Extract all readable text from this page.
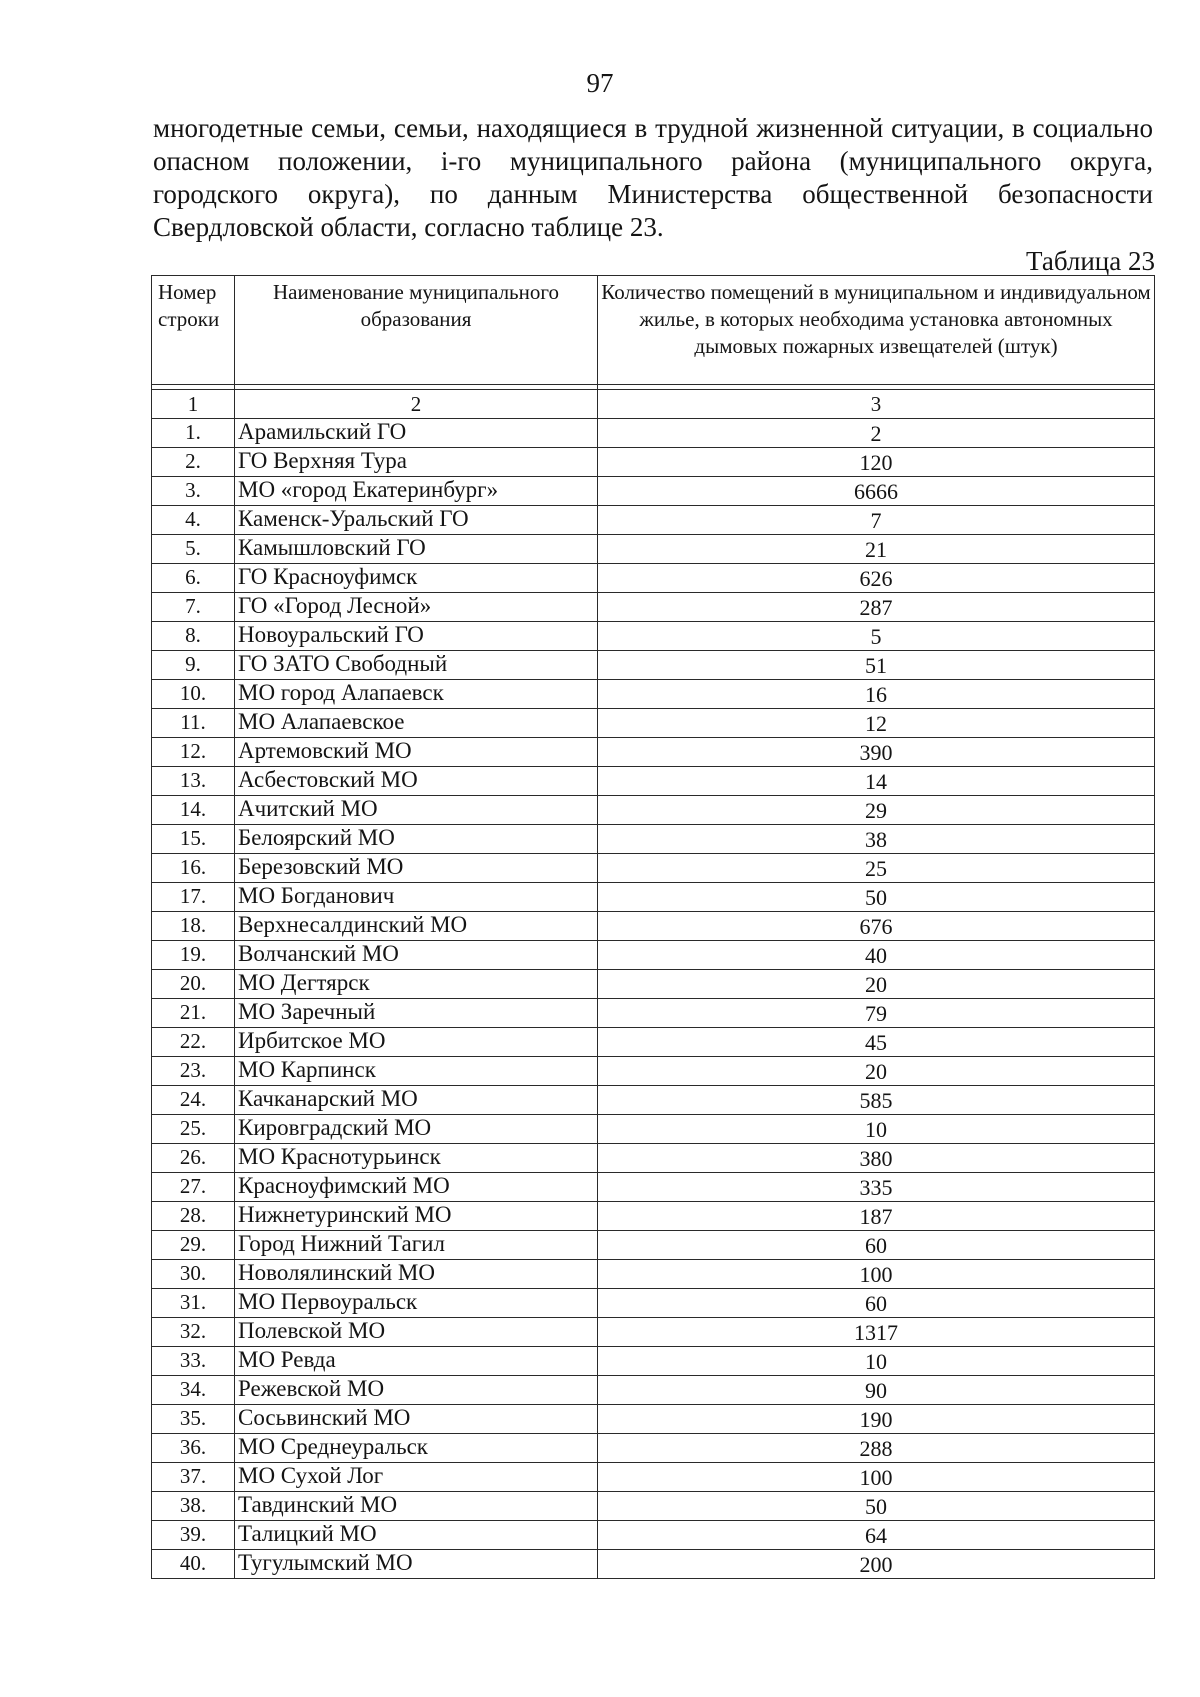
97

многодетные семьи, семьи, находящиеся в трудной жизненной ситуации, в социально опасном положении, i-го муниципального района (муниципального округа, городского округа), по данным Министерства общественной безопасности Свердловской области, согласно таблице 23.

Таблица 23
Номер строки	Наименование муниципального образования	Количество помещений в муниципальном и индивидуальном жилье, в которых необходима установка автономных дымовых пожарных извещателей (штук)

1	2	3
1.	Арамильский ГО	2
2.	ГО Верхняя Тура	120
3.	МО «город Екатеринбург»	6666
4.	Каменск-Уральский ГО	7
5.	Камышловский ГО	21
6.	ГО Красноуфимск	626
7.	ГО «Город Лесной»	287
8.	Новоуральский ГО	5
9.	ГО ЗАТО Свободный	51
10.	МО город Алапаевск	16
11.	МО Алапаевское	12
12.	Артемовский МО	390
13.	Асбестовский МО	14
14.	Ачитский МО	29
15.	Белоярский МО	38
16.	Березовский МО	25
17.	МО Богданович	50
18.	Верхнесалдинский МО	676
19.	Волчанский МО	40
20.	МО Дегтярск	20
21.	МО Заречный	79
22.	Ирбитское МО	45
23.	МО Карпинск	20
24.	Качканарский МО	585
25.	Кировградский МО	10
26.	МО Краснотурьинск	380
27.	Красноуфимский МО	335
28.	Нижнетуринский МО	187
29.	Город Нижний Тагил	60
30.	Новолялинский МО	100
31.	МО Первоуральск	60
32.	Полевской МО	1317
33.	МО Ревда	10
34.	Режевской МО	90
35.	Сосьвинский МО	190
36.	МО Среднеуральск	288
37.	МО Сухой Лог	100
38.	Тавдинский МО	50
39.	Талицкий МО	64
40.	Тугулымский МО	200
